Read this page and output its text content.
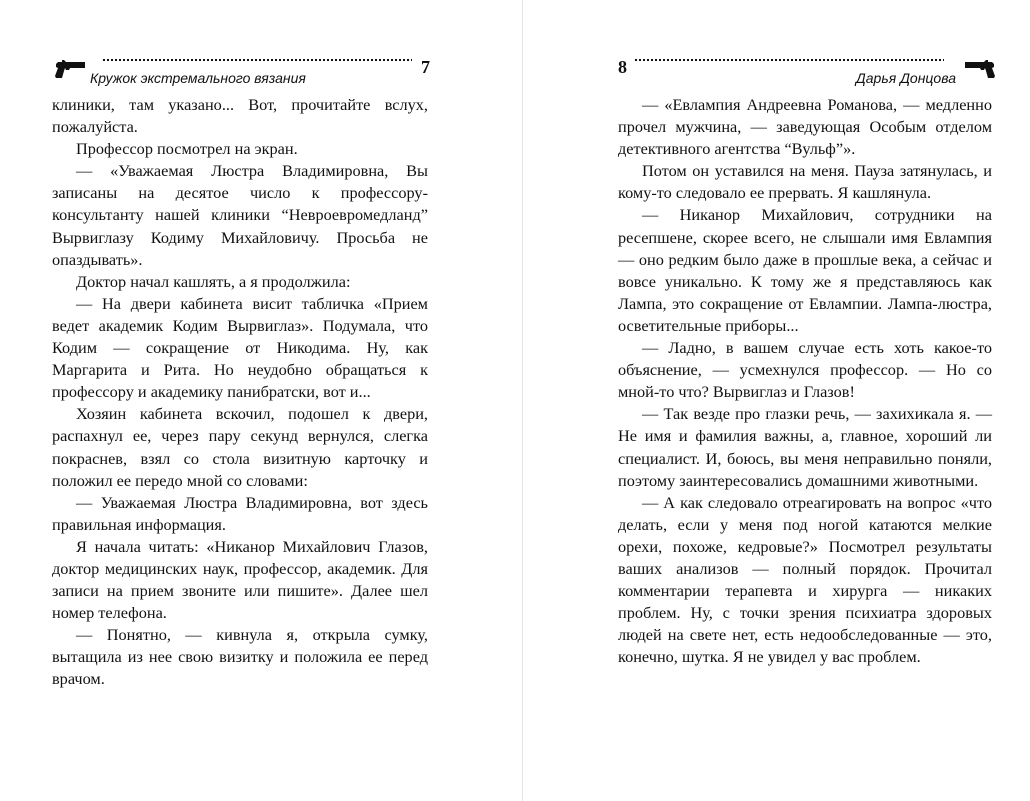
7
Кружок экстремального вязания

клиники, там указано... Вот, прочитайте вслух, пожалуйста.

Профессор посмотрел на экран.

— «Уважаемая Люстра Владимировна, Вы записаны на десятое число к профессору-консультанту нашей клиники “Невроевромедланд” Вырвиглазу Кодиму Михайловичу. Просьба не опаздывать».

Доктор начал кашлять, а я продолжила:

— На двери кабинета висит табличка «Прием ведет академик Кодим Вырвиглаз». Подумала, что Кодим — сокращение от Никодима. Ну, как Маргарита и Рита. Но неудобно обращаться к профессору и академику панибратски, вот и...

Хозяин кабинета вскочил, подошел к двери, распахнул ее, через пару секунд вернулся, слегка покраснев, взял со стола визитную карточку и положил ее передо мной со словами:

— Уважаемая Люстра Владимировна, вот здесь правильная информация.

Я начала читать: «Никанор Михайлович Глазов, доктор медицинских наук, профессор, академик. Для записи на прием звоните или пишите». Далее шел номер телефона.

— Понятно, — кивнула я, открыла сумку, вытащила из нее свою визитку и положила ее перед врачом.

8
Дарья Донцова

— «Евлампия Андреевна Романова, — медленно прочел мужчина, — заведующая Особым отделом детективного агентства “Вульф”».

Потом он уставился на меня. Пауза затянулась, и кому-то следовало ее прервать. Я кашлянула.

— Никанор Михайлович, сотрудники на ресепшене, скорее всего, не слышали имя Евлампия — оно редким было даже в прошлые века, а сейчас и вовсе уникально. К тому же я представляюсь как Лампа, это сокращение от Евлампии. Лампа-люстра, осветительные приборы...

— Ладно, в вашем случае есть хоть какое-то объяснение, — усмехнулся профессор. — Но со мной-то что? Вырвиглаз и Глазов!

— Так везде про глазки речь, — захихикала я. — Не имя и фамилия важны, а, главное, хороший ли специалист. И, боюсь, вы меня неправильно поняли, поэтому заинтересовались домашними животными.

— А как следовало отреагировать на вопрос «что делать, если у меня под ногой катаются мелкие орехи, похоже, кедровые?» Посмотрел результаты ваших анализов — полный порядок. Прочитал комментарии терапевта и хирурга — никаких проблем. Ну, с точки зрения психиатра здоровых людей на свете нет, есть недообследованные — это, конечно, шутка. Я не увидел у вас проблем.
